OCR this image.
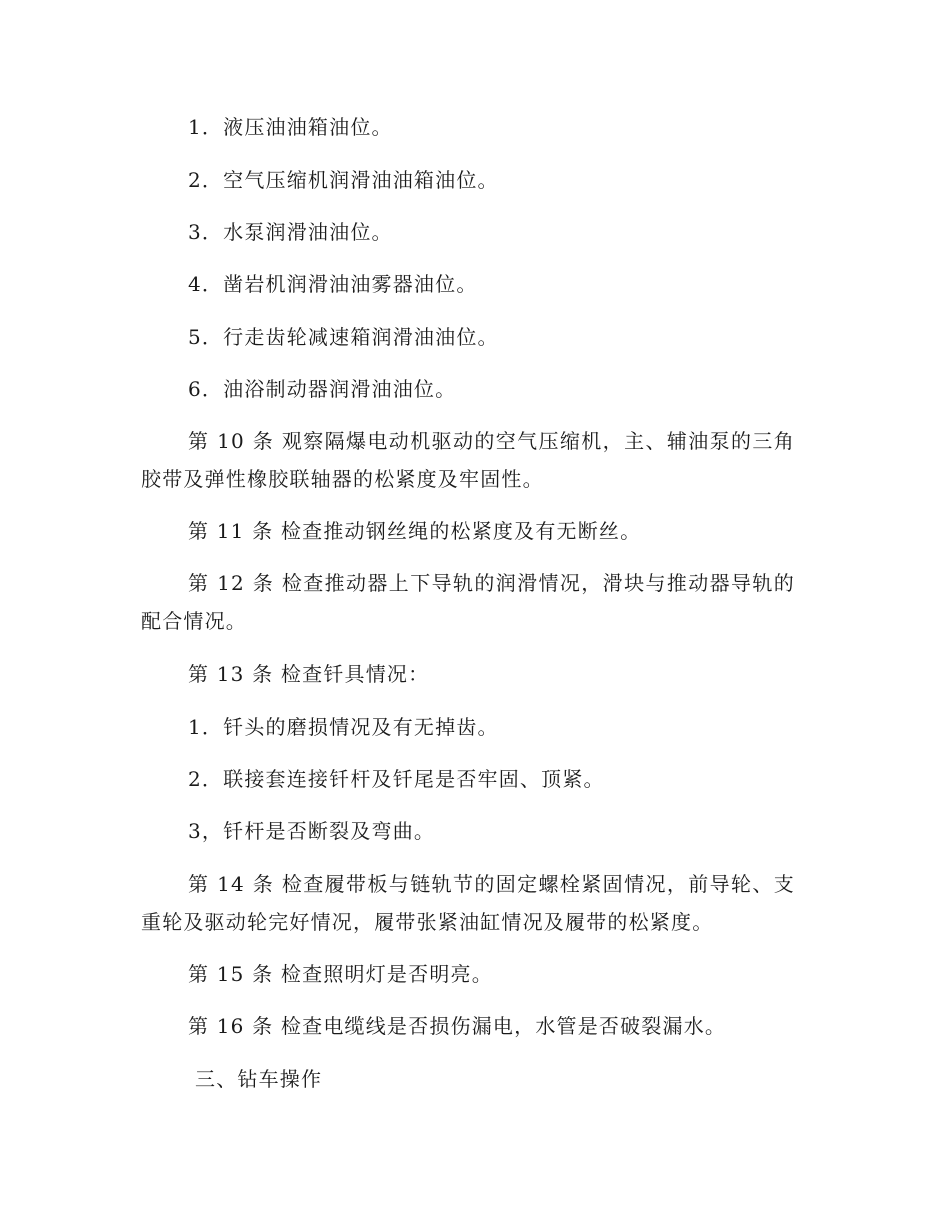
1．液压油油箱油位。
2．空气压缩机润滑油油箱油位。
3．水泵润滑油油位。
4．凿岩机润滑油油雾器油位。
5．行走齿轮减速箱润滑油油位。
6．油浴制动器润滑油油位。
第 10 条 观察隔爆电动机驱动的空气压缩机，主、辅油泵的三角胶带及弹性橡胶联轴器的松紧度及牢固性。
第 11 条 检查推动钢丝绳的松紧度及有无断丝。
第 12 条 检查推动器上下导轨的润滑情况，滑块与推动器导轨的配合情况。
第 13 条 检查钎具情况：
1．钎头的磨损情况及有无掉齿。
2．联接套连接钎杆及钎尾是否牢固、顶紧。
3，钎杆是否断裂及弯曲。
第 14 条 检查履带板与链轨节的固定螺栓紧固情况，前导轮、支重轮及驱动轮完好情况，履带张紧油缸情况及履带的松紧度。
第 15 条 检查照明灯是否明亮。
第 16 条 检查电缆线是否损伤漏电，水管是否破裂漏水。
三、钻车操作
